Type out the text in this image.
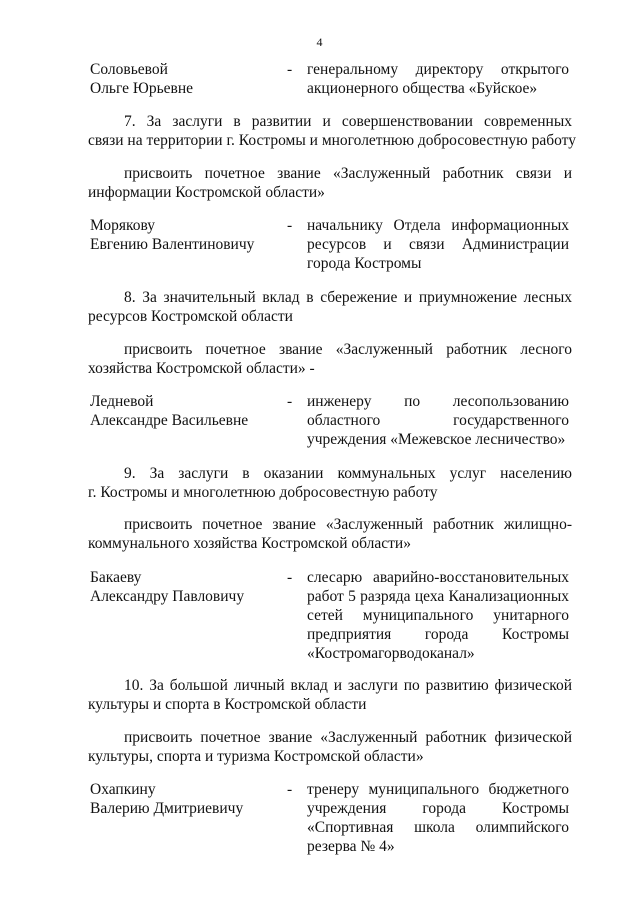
4
Соловьевой
Ольге Юрьевне
- генеральному директору открытого
акционерного общества «Буйское»
7. За заслуги в развитии и совершенствовании современных
связи на территории г. Костромы и многолетнюю добросовестную работу
присвоить почетное звание «Заслуженный работник связи и
информации Костромской области»
Морякову
Евгению Валентиновичу
- начальнику Отдела информационных
ресурсов и связи Администрации
города Костромы
8. За значительный вклад в сбережение и приумножение лесных
ресурсов Костромской области
присвоить почетное звание «Заслуженный работник лесного
хозяйства Костромской области» -
Ледневой
Александре Васильевне
- инженеру по лесопользованию
областного государственного
учреждения «Межевское лесничество»
9. За заслуги в оказании коммунальных услуг населению
г. Костромы и многолетнюю добросовестную работу
присвоить почетное звание «Заслуженный работник жилищно-
коммунального хозяйства Костромской области»
Бакаеву
Александру Павловичу
- слесарю аварийно-восстановительных
работ 5 разряда цеха Канализационных
сетей муниципального унитарного
предприятия города Костромы
«Костромагорводоканал»
10. За большой личный вклад и заслуги по развитию физической
культуры и спорта в Костромской области
присвоить почетное звание «Заслуженный работник физической
культуры, спорта и туризма Костромской области»
Охапкину
Валерию Дмитриевичу
- тренеру муниципального бюджетного
учреждения города Костромы
«Спортивная школа олимпийского
резерва № 4»
